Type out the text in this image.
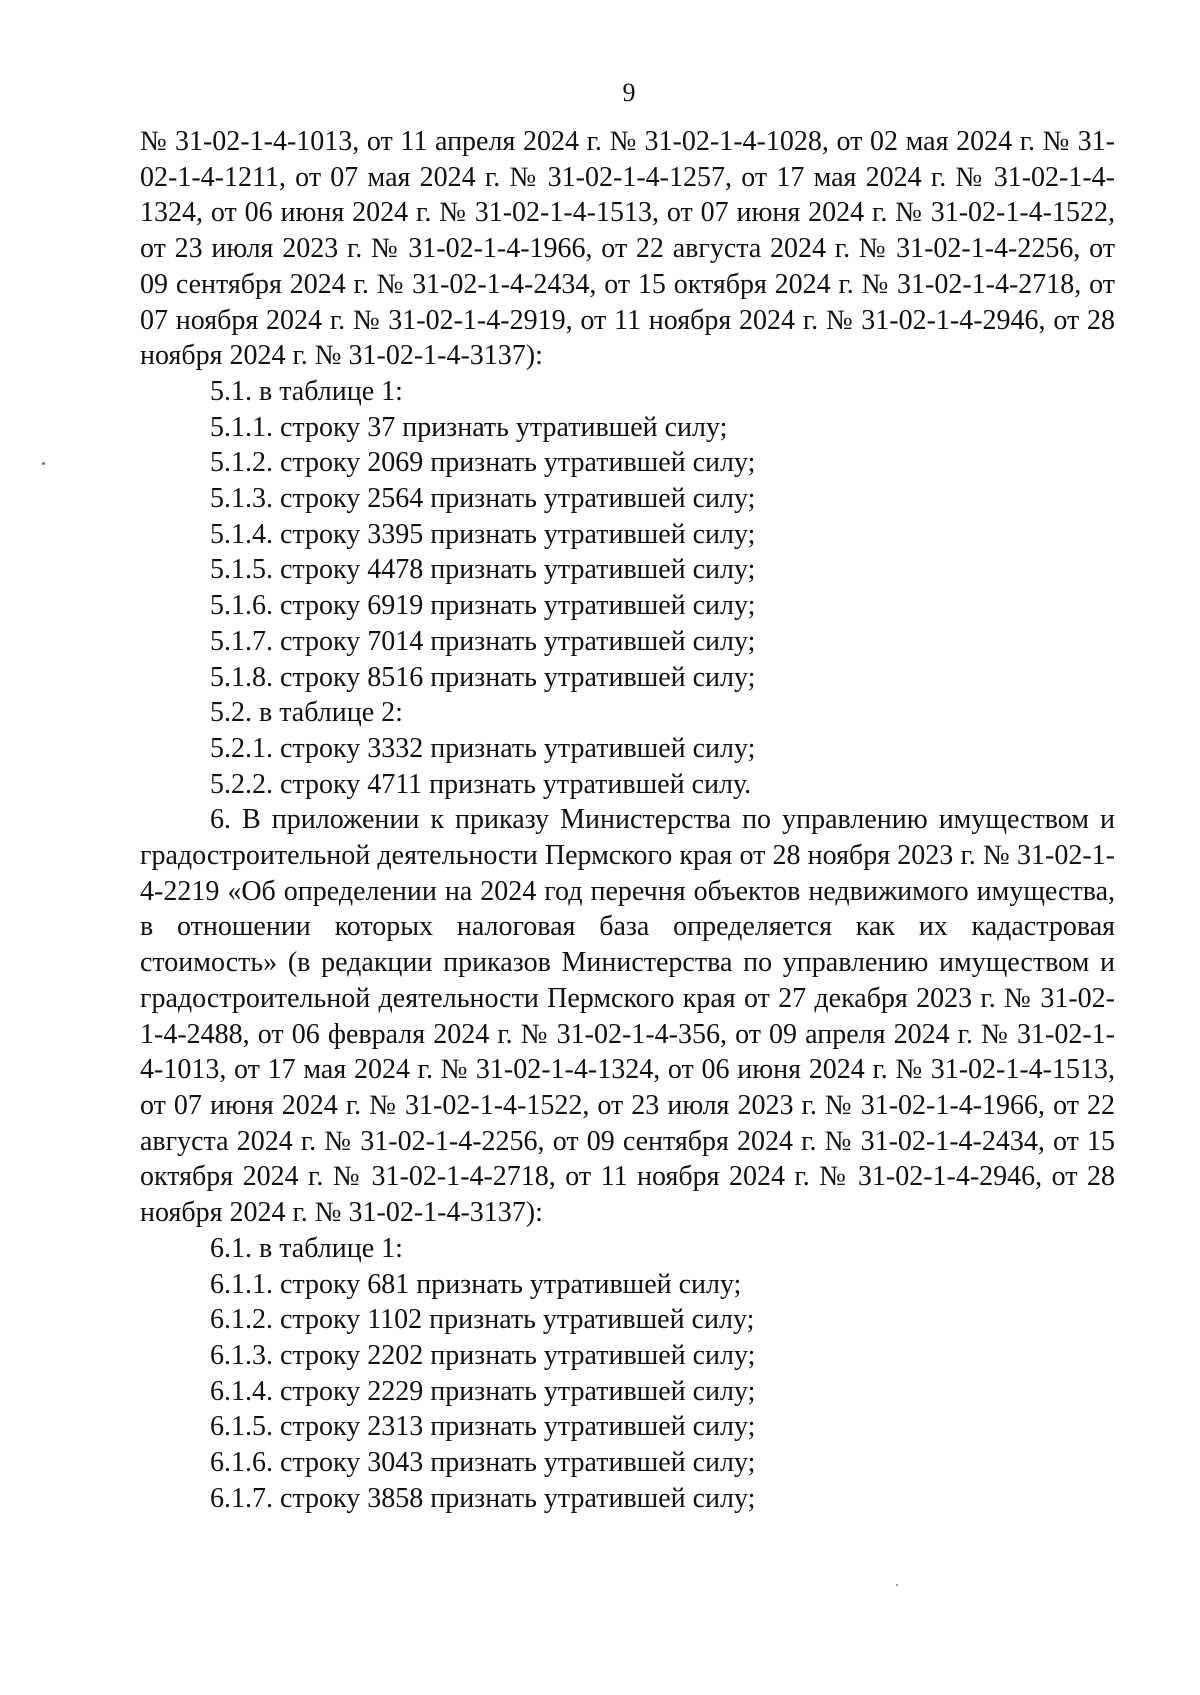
9

№ 31-02-1-4-1013, от 11 апреля 2024 г. № 31-02-1-4-1028, от 02 мая 2024 г. № 31-02-1-4-1211, от 07 мая 2024 г. № 31-02-1-4-1257, от 17 мая 2024 г. № 31-02-1-4-1324, от 06 июня 2024 г. № 31-02-1-4-1513, от 07 июня 2024 г. № 31-02-1-4-1522, от 23 июля 2023 г. № 31-02-1-4-1966, от 22 августа 2024 г. № 31-02-1-4-2256, от 09 сентября 2024 г. № 31-02-1-4-2434, от 15 октября 2024 г. № 31-02-1-4-2718, от 07 ноября 2024 г. № 31-02-1-4-2919, от 11 ноября 2024 г. № 31-02-1-4-2946, от 28 ноября 2024 г. № 31-02-1-4-3137):

5.1. в таблице 1:

5.1.1. строку 37 признать утратившей силу;

5.1.2. строку 2069 признать утратившей силу;

5.1.3. строку 2564 признать утратившей силу;

5.1.4. строку 3395 признать утратившей силу;

5.1.5. строку 4478 признать утратившей силу;

5.1.6. строку 6919 признать утратившей силу;

5.1.7. строку 7014 признать утратившей силу;

5.1.8. строку 8516 признать утратившей силу;

5.2. в таблице 2:

5.2.1. строку 3332 признать утратившей силу;

5.2.2. строку 4711 признать утратившей силу.

6. В приложении к приказу Министерства по управлению имуществом и градостроительной деятельности Пермского края от 28 ноября 2023 г. № 31-02-1-4-2219 «Об определении на 2024 год перечня объектов недвижимого имущества, в отношении которых налоговая база определяется как их кадастровая стоимость» (в редакции приказов Министерства по управлению имуществом и градостроительной деятельности Пермского края от 27 декабря 2023 г. № 31-02-1-4-2488, от 06 февраля 2024 г. № 31-02-1-4-356, от 09 апреля 2024 г. № 31-02-1-4-1013, от 17 мая 2024 г. № 31-02-1-4-1324, от 06 июня 2024 г. № 31-02-1-4-1513, от 07 июня 2024 г. № 31-02-1-4-1522, от 23 июля 2023 г. № 31-02-1-4-1966, от 22 августа 2024 г. № 31-02-1-4-2256, от 09 сентября 2024 г. № 31-02-1-4-2434, от 15 октября 2024 г. № 31-02-1-4-2718, от 11 ноября 2024 г. № 31-02-1-4-2946, от 28 ноября 2024 г. № 31-02-1-4-3137):

6.1. в таблице 1:

6.1.1. строку 681 признать утратившей силу;

6.1.2. строку 1102 признать утратившей силу;

6.1.3. строку 2202 признать утратившей силу;

6.1.4. строку 2229 признать утратившей силу;

6.1.5. строку 2313 признать утратившей силу;

6.1.6. строку 3043 признать утратившей силу;

6.1.7. строку 3858 признать утратившей силу;
